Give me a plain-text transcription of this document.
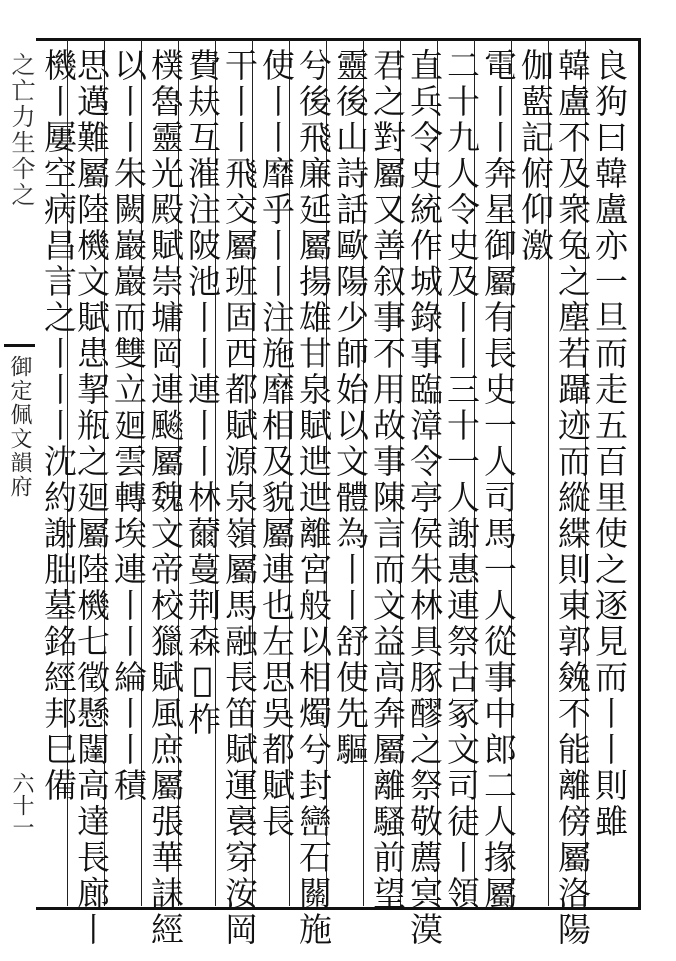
之亡力生仐之
御定佩文韻府
六十一	良狗曰韓盧亦一旦而走五百里使之逐見而丨丨則雖
韓盧不及衆兔之塵若躡迹而縱緤則東郭㕙不能離傍屬洛陽
伽藍記俯仰激
電丨丨奔星御屬有長史一人司馬一人從事中郎二人掾屬
二十九人令史及丨丨三十一人謝惠連祭古冢文司徒丨領
直兵令史統作城錄事臨漳令亭侯朱林具豚醪之祭敬薦㝠漠
君之對屬又善叙事不用故事陳言而文益高奔屬離騷前望
靈後山詩話歐陽少師始以文體為丨丨舒使先驅
兮後飛廉延屬揚雄甘泉賦迣迣離宮般以相燭兮封巒石關施
使丨丨靡乎丨丨注施靡相及貌屬連也左思吳都賦長
干丨丨飛交屬班固西都賦源泉嶺屬馬融長笛賦運裛穿洝岡
費㚘互漼注陂池丨丨連丨丨林薾蔓荆森𤜕柞
樸魯靈光殿賦崇墉岡連飈屬魏文帝校獵賦風庶屬張華誄經
以丨丨朱闕巖巖而雙立廻雲轉埃連丨丨綸丨丨積
思邁難屬陸機文賦患挈瓶之廻屬陸機七徵懸闥高達長廊丨
機丨屢空病昌言之丨丨丨沈約謝朏墓銘經邦巳備
